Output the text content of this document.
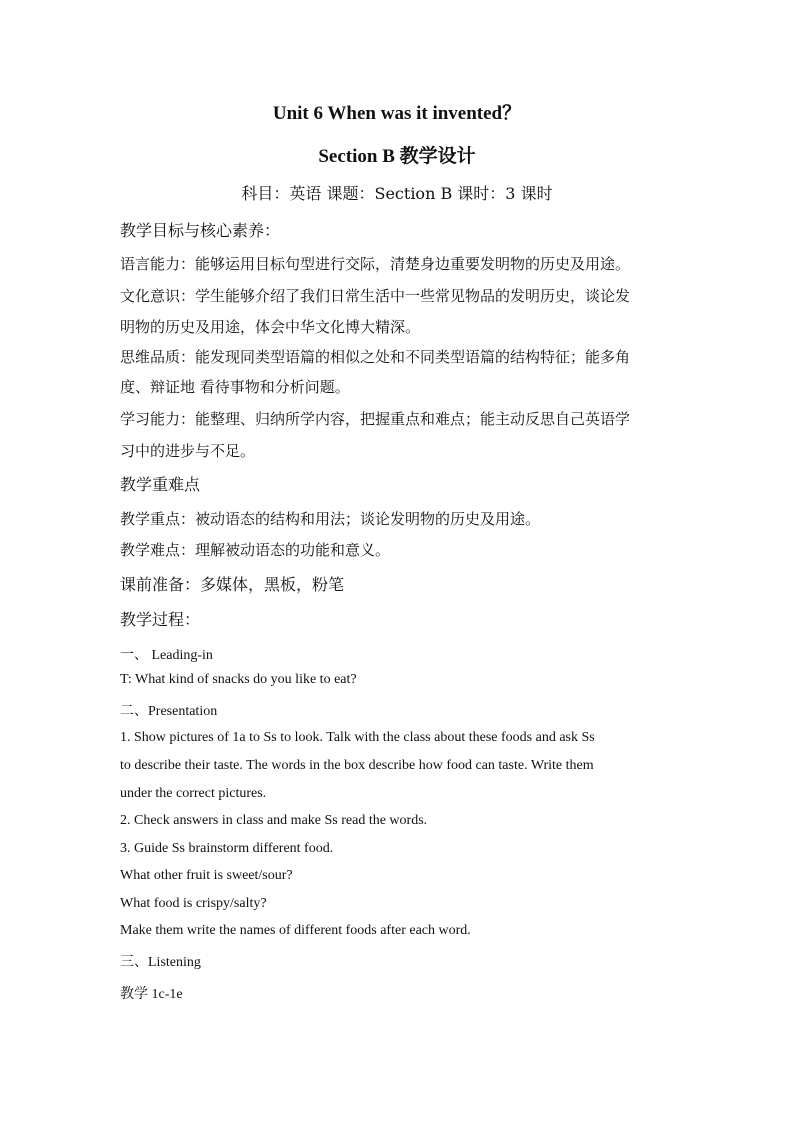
Unit 6 When was it invented？
Section B 教学设计
科目：英语 课题：Section B 课时：3 课时
教学目标与核心素养：
语言能力：能够运用目标句型进行交际，清楚身边重要发明物的历史及用途。
文化意识：学生能够介绍了我们日常生活中一些常见物品的发明历史，谈论发
明物的历史及用途，体会中华文化博大精深。
思维品质：能发现同类型语篇的相似之处和不同类型语篇的结构特征；能多角
度、辩证地 看待事物和分析问题。
学习能力：能整理、归纳所学内容，把握重点和难点；能主动反思自己英语学
习中的进步与不足。
教学重难点
教学重点：被动语态的结构和用法；谈论发明物的历史及用途。
教学难点：理解被动语态的功能和意义。
课前准备：多媒体，黑板，粉笔
教学过程：
一、 Leading-in
T: What kind of snacks do you like to eat?
二、Presentation
1. Show pictures of 1a to Ss to look. Talk with the class about these foods and ask Ss
to describe their taste. The words in the box describe how food can taste. Write them
under the correct pictures.
2. Check answers in class and make Ss read the words.
3. Guide Ss brainstorm different food.
What other fruit is sweet/sour?
What food is crispy/salty?
Make them write the names of different foods after each word.
三、Listening
教学 1c-1e
